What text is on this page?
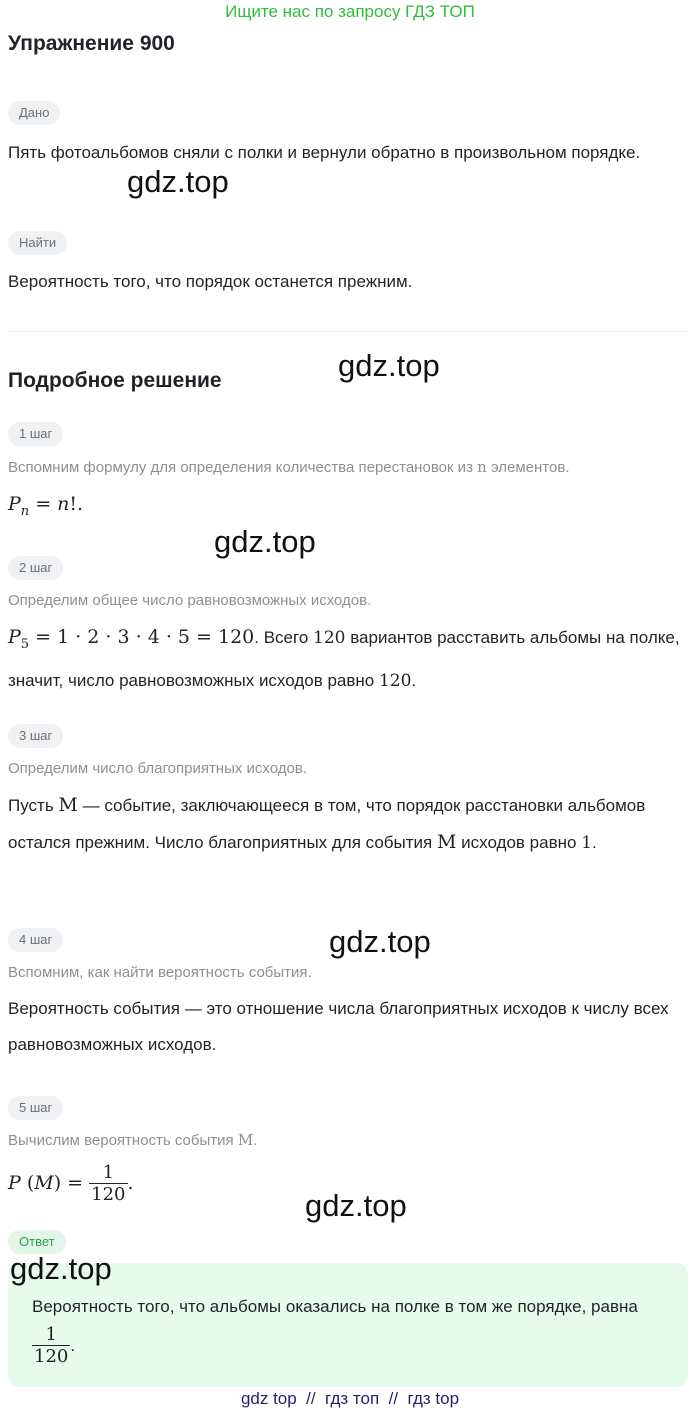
Ищите нас по запросу ГДЗ ТОП
Упражнение 900
Дано
Пять фотоальбомов сняли с полки и вернули обратно в произвольном порядке.
gdz.top
Найти
Вероятность того, что порядок останется прежним.
Подробное решение	gdz.top
1 шаг
Вспомним формулу для определения количества перестановок из n элементов.
$P_n = n$!.
gdz.top
2 шаг
Определим общее число равновозможных исходов.
$P_5 = 1 \cdot 2 \cdot 3 \cdot 4 \cdot 5 = 120$. Всего 120 вариантов расставить альбомы на полке, значит, число равновозможных исходов равно 120.
3 шаг
Определим число благоприятных исходов.
Пусть M — событие, заключающееся в том, что порядок расстановки альбомов остался прежним. Число благоприятных для события M исходов равно 1.
4 шаг	gdz.top
Вспомним, как найти вероятность события.
Вероятность события — это отношение числа благоприятных исходов к числу всех равновозможных исходов.
5 шаг
Вычислим вероятность события M.
P $(M) = \frac{1}{120}$ .
gdz.top
Ответ
Вероятность того, что альбомы оказались на полке в том же порядке, равна
$\frac{1}{120}$ .
gdz.top
gdz top  //  гдз топ  //  гдз top
